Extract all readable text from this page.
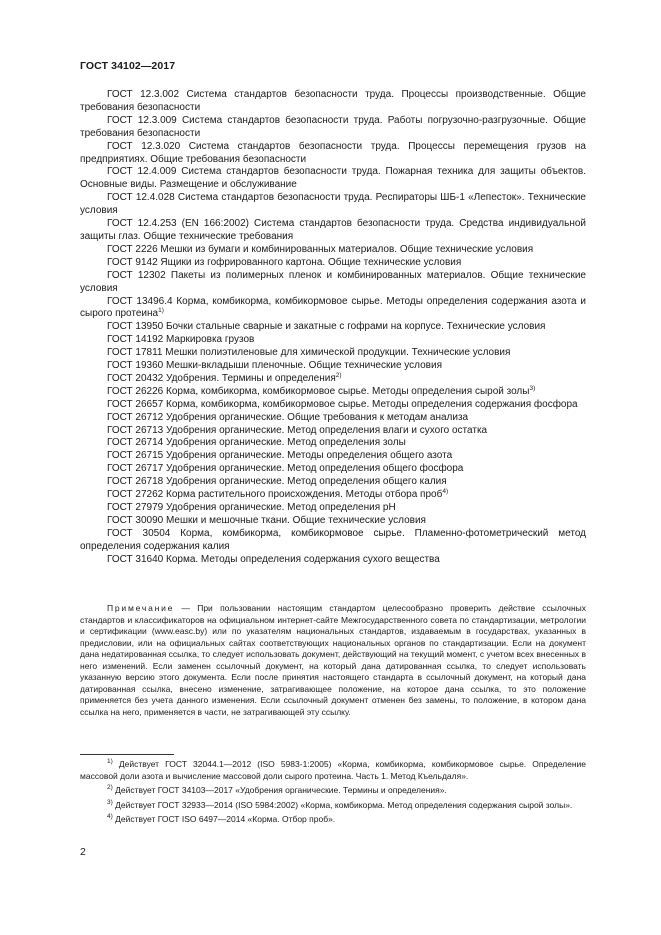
ГОСТ 34102—2017

ГОСТ 12.3.002 Система стандартов безопасности труда. Процессы производственные. Общие требования безопасности

ГОСТ 12.3.009 Система стандартов безопасности труда. Работы погрузочно-разгрузочные. Общие требования безопасности

ГОСТ 12.3.020 Система стандартов безопасности труда. Процессы перемещения грузов на предприятиях. Общие требования безопасности

ГОСТ 12.4.009 Система стандартов безопасности труда. Пожарная техника для защиты объектов. Основные виды. Размещение и обслуживание

ГОСТ 12.4.028 Система стандартов безопасности труда. Респираторы ШБ-1 «Лепесток». Технические условия

ГОСТ 12.4.253 (EN 166:2002) Система стандартов безопасности труда. Средства индивидуальной защиты глаз. Общие технические требования

ГОСТ 2226 Мешки из бумаги и комбинированных материалов. Общие технические условия

ГОСТ 9142 Ящики из гофрированного картона. Общие технические условия

ГОСТ 12302 Пакеты из полимерных пленок и комбинированных материалов. Общие технические условия

ГОСТ 13496.4 Корма, комбикорма, комбикормовое сырье. Методы определения содержания азота и сырого протеина$^{1)}$

ГОСТ 13950 Бочки стальные сварные и закатные с гофрами на корпусе. Технические условия

ГОСТ 14192 Маркировка грузов

ГОСТ 17811 Мешки полиэтиленовые для химической продукции. Технические условия

ГОСТ 19360 Мешки-вкладыши пленочные. Общие технические условия

ГОСТ 20432 Удобрения. Термины и определения$^{2)}$

ГОСТ 26226 Корма, комбикорма, комбикормовое сырье. Методы определения сырой золы$^{3)}$

ГОСТ 26657 Корма, комбикорма, комбикормовое сырье. Методы определения содержания фосфора

ГОСТ 26712 Удобрения органические. Общие требования к методам анализа

ГОСТ 26713 Удобрения органические. Метод определения влаги и сухого остатка

ГОСТ 26714 Удобрения органические. Метод определения золы

ГОСТ 26715 Удобрения органические. Методы определения общего азота

ГОСТ 26717 Удобрения органические. Метод определения общего фосфора

ГОСТ 26718 Удобрения органические. Метод определения общего калия

ГОСТ 27262 Корма растительного происхождения. Методы отбора проб$^{4)}$

ГОСТ 27979 Удобрения органические. Метод определения pH

ГОСТ 30090 Мешки и мешочные ткани. Общие технические условия

ГОСТ 30504 Корма, комбикорма, комбикормовое сырье. Пламенно-фотометрический метод определения содержания калия

ГОСТ 31640 Корма. Методы определения содержания сухого вещества

Примечание — При пользовании настоящим стандартом целесообразно проверить действие ссылочных стандартов и классификаторов на официальном интернет-сайте Межгосударственного совета по стандартизации, метрологии и сертификации (www.easc.by) или по указателям национальных стандартов, издаваемым в государствах, указанных в предисловии, или на официальных сайтах соответствующих национальных органов по стандартизации. Если на документ дана недатированная ссылка, то следует использовать документ, действующий на текущий момент, с учетом всех внесенных в него изменений. Если заменен ссылочный документ, на который дана датированная ссылка, то следует использовать указанную версию этого документа. Если после принятия настоящего стандарта в ссылочный документ, на который дана датированная ссылка, внесено изменение, затрагивающее положение, на которое дана ссылка, то это положение применяется без учета данного изменения. Если ссылочный документ отменен без замены, то положение, в котором дана ссылка на него, применяется в части, не затрагивающей эту ссылку.

$^{1)}$ Действует ГОСТ 32044.1—2012 (ISO 5983-1:2005) «Корма, комбикорма, комбикормовое сырье. Определение массовой доли азота и вычисление массовой доли сырого протеина. Часть 1. Метод Къельдаля».

$^{2)}$ Действует ГОСТ 34103—2017 «Удобрения органические. Термины и определения».

$^{3)}$ Действует ГОСТ 32933—2014 (ISO 5984:2002) «Корма, комбикорма. Метод определения содержания сырой золы».

$^{4)}$ Действует ГОСТ ISO 6497—2014 «Корма. Отбор проб».

2
